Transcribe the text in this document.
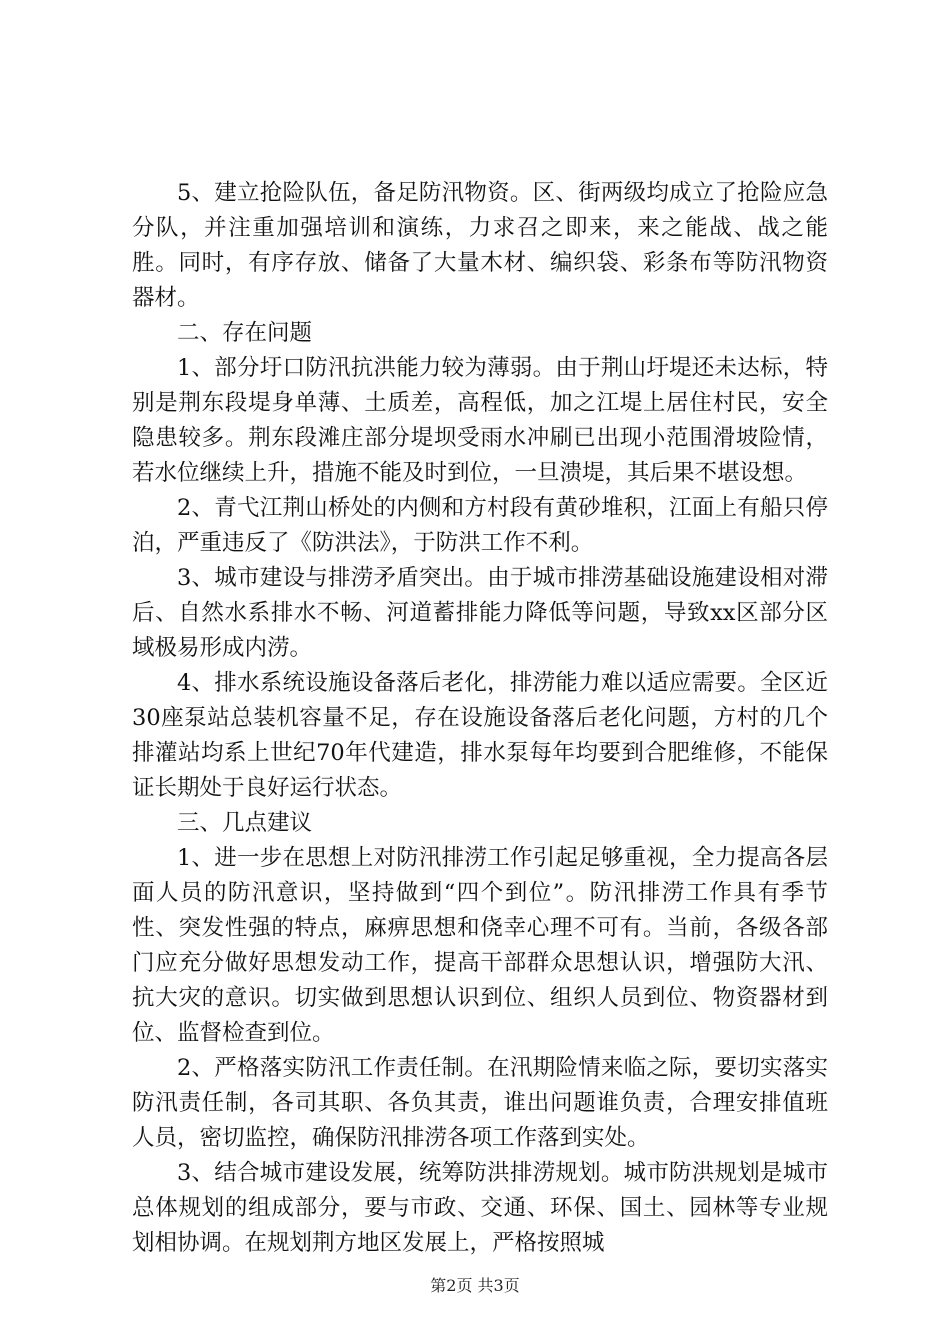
5、建立抢险队伍，备足防汛物资。区、街两级均成立了抢险应急分队，并注重加强培训和演练，力求召之即来，来之能战、战之能胜。同时，有序存放、储备了大量木材、编织袋、彩条布等防汛物资器材。

二、存在问题

1、部分圩口防汛抗洪能力较为薄弱。由于荆山圩堤还未达标，特别是荆东段堤身单薄、土质差，高程低，加之江堤上居住村民，安全隐患较多。荆东段滩庄部分堤坝受雨水冲刷已出现小范围滑坡险情，若水位继续上升，措施不能及时到位，一旦溃堤，其后果不堪设想。

2、青弋江荆山桥处的内侧和方村段有黄砂堆积，江面上有船只停泊，严重违反了《防洪法》，于防洪工作不利。

3、城市建设与排涝矛盾突出。由于城市排涝基础设施建设相对滞后、自然水系排水不畅、河道蓄排能力降低等问题，导致xx区部分区域极易形成内涝。

4、排水系统设施设备落后老化，排涝能力难以适应需要。全区近30座泵站总装机容量不足，存在设施设备落后老化问题，方村的几个排灌站均系上世纪70年代建造，排水泵每年均要到合肥维修，不能保证长期处于良好运行状态。

三、几点建议

1、进一步在思想上对防汛排涝工作引起足够重视，全力提高各层面人员的防汛意识，坚持做到“四个到位”。防汛排涝工作具有季节性、突发性强的特点，麻痹思想和侥幸心理不可有。当前，各级各部门应充分做好思想发动工作，提高干部群众思想认识，增强防大汛、抗大灾的意识。切实做到思想认识到位、组织人员到位、物资器材到位、监督检查到位。

2、严格落实防汛工作责任制。在汛期险情来临之际，要切实落实防汛责任制，各司其职、各负其责，谁出问题谁负责，合理安排值班人员，密切监控，确保防汛排涝各项工作落到实处。

3、结合城市建设发展，统筹防洪排涝规划。城市防洪规划是城市总体规划的组成部分，要与市政、交通、环保、国土、园林等专业规划相协调。在规划荆方地区发展上，严格按照城

第2页 共3页
